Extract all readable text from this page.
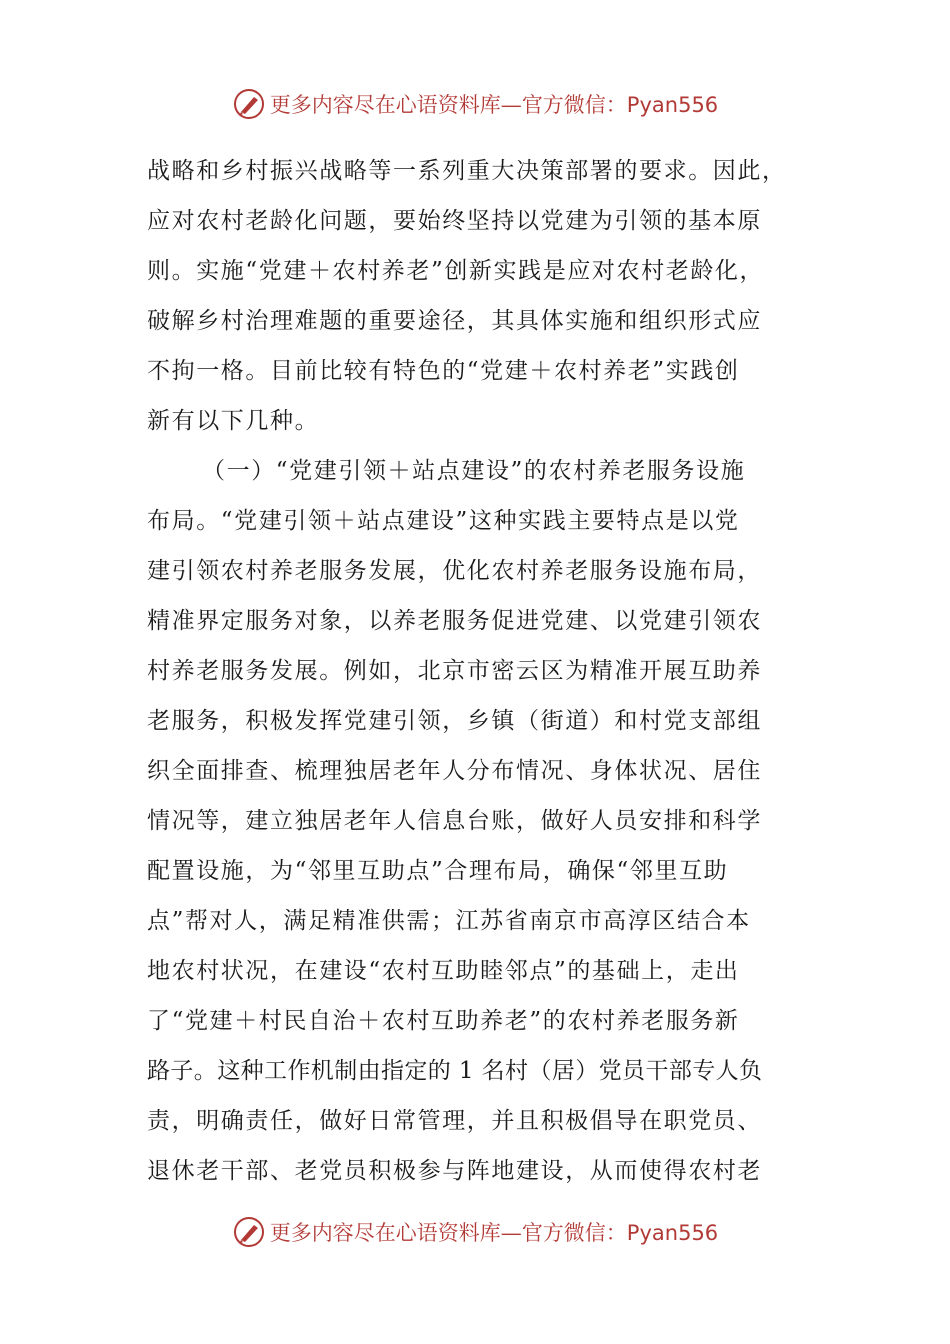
更多内容尽在心语资料库— 官方微信：Pyan556
战略和乡村振兴战略等一系列重大决策部署的要求。因此，
应对农村老龄化问题，要始终坚持以党建为引领的基本原
则。实施“党建＋农村养老”创新实践是应对农村老龄化，
破解乡村治理难题的重要途径，其具体实施和组织形式应
不拘一格。目前比较有特色的“党建＋农村养老”实践创
新有以下几种。
（一）“党建引领＋站点建设”的农村养老服务设施
布局。“党建引领＋站点建设”这种实践主要特点是以党
建引领农村养老服务发展，优化农村养老服务设施布局，
精准界定服务对象，以养老服务促进党建、以党建引领农
村养老服务发展。例如，北京市密云区为精准开展互助养
老服务，积极发挥党建引领，乡镇（街道）和村党支部组
织全面排查、梳理独居老年人分布情况、身体状况、居住
情况等，建立独居老年人信息台账，做好人员安排和科学
配置设施，为“邻里互助点”合理布局，确保“邻里互助
点”帮对人，满足精准供需；江苏省南京市高淳区结合本
地农村状况，在建设“农村互助睦邻点”的基础上，走出
了“党建＋村民自治＋农村互助养老”的农村养老服务新
路子。这种工作机制由指定的 1 名村（居）党员干部专人负
责，明确责任，做好日常管理，并且积极倡导在职党员、
退休老干部、老党员积极参与阵地建设，从而使得农村老
更多内容尽在心语资料库— 官方微信：Pyan556
